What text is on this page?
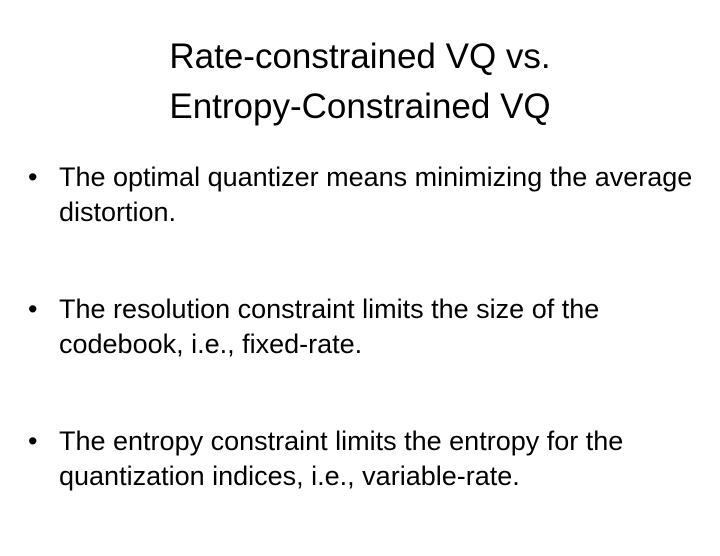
Rate-constrained VQ vs.
Entropy-Constrained VQ
• The optimal quantizer means minimizing the average distortion.
• The resolution constraint limits the size of the codebook, i.e., fixed-rate.
• The entropy constraint limits the entropy for the quantization indices, i.e., variable-rate.
